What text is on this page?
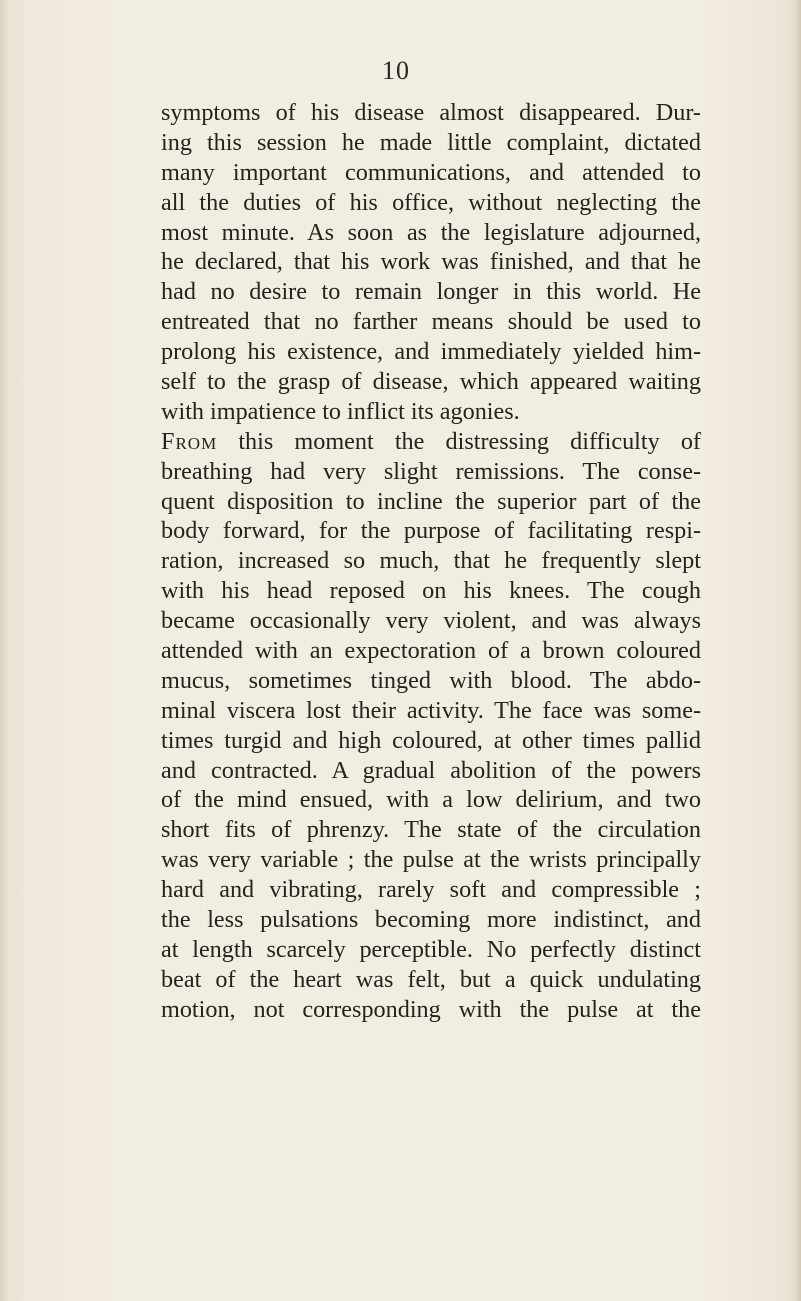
10
symptoms of his disease almost disappeared. Dur-
ing this session he made little complaint, dictated
many important communications, and attended to
all the duties of his office, without neglecting the
most minute. As soon as the legislature adjourned,
he declared, that his work was finished, and that he
had no desire to remain longer in this world. He
entreated that no farther means should be used to
prolong his existence, and immediately yielded him-
self to the grasp of disease, which appeared waiting
with impatience to inflict its agonies.
From this moment the distressing difficulty of
breathing had very slight remissions. The conse-
quent disposition to incline the superior part of the
body forward, for the purpose of facilitating respi-
ration, increased so much, that he frequently slept
with his head reposed on his knees. The cough
became occasionally very violent, and was always
attended with an expectoration of a brown coloured
mucus, sometimes tinged with blood. The abdo-
minal viscera lost their activity. The face was some-
times turgid and high coloured, at other times pallid
and contracted. A gradual abolition of the powers
of the mind ensued, with a low delirium, and two
short fits of phrenzy. The state of the circulation
was very variable ; the pulse at the wrists principally
hard and vibrating, rarely soft and compressible ;
the less pulsations becoming more indistinct, and
at length scarcely perceptible. No perfectly distinct
beat of the heart was felt, but a quick undulating
motion, not corresponding with the pulse at the
